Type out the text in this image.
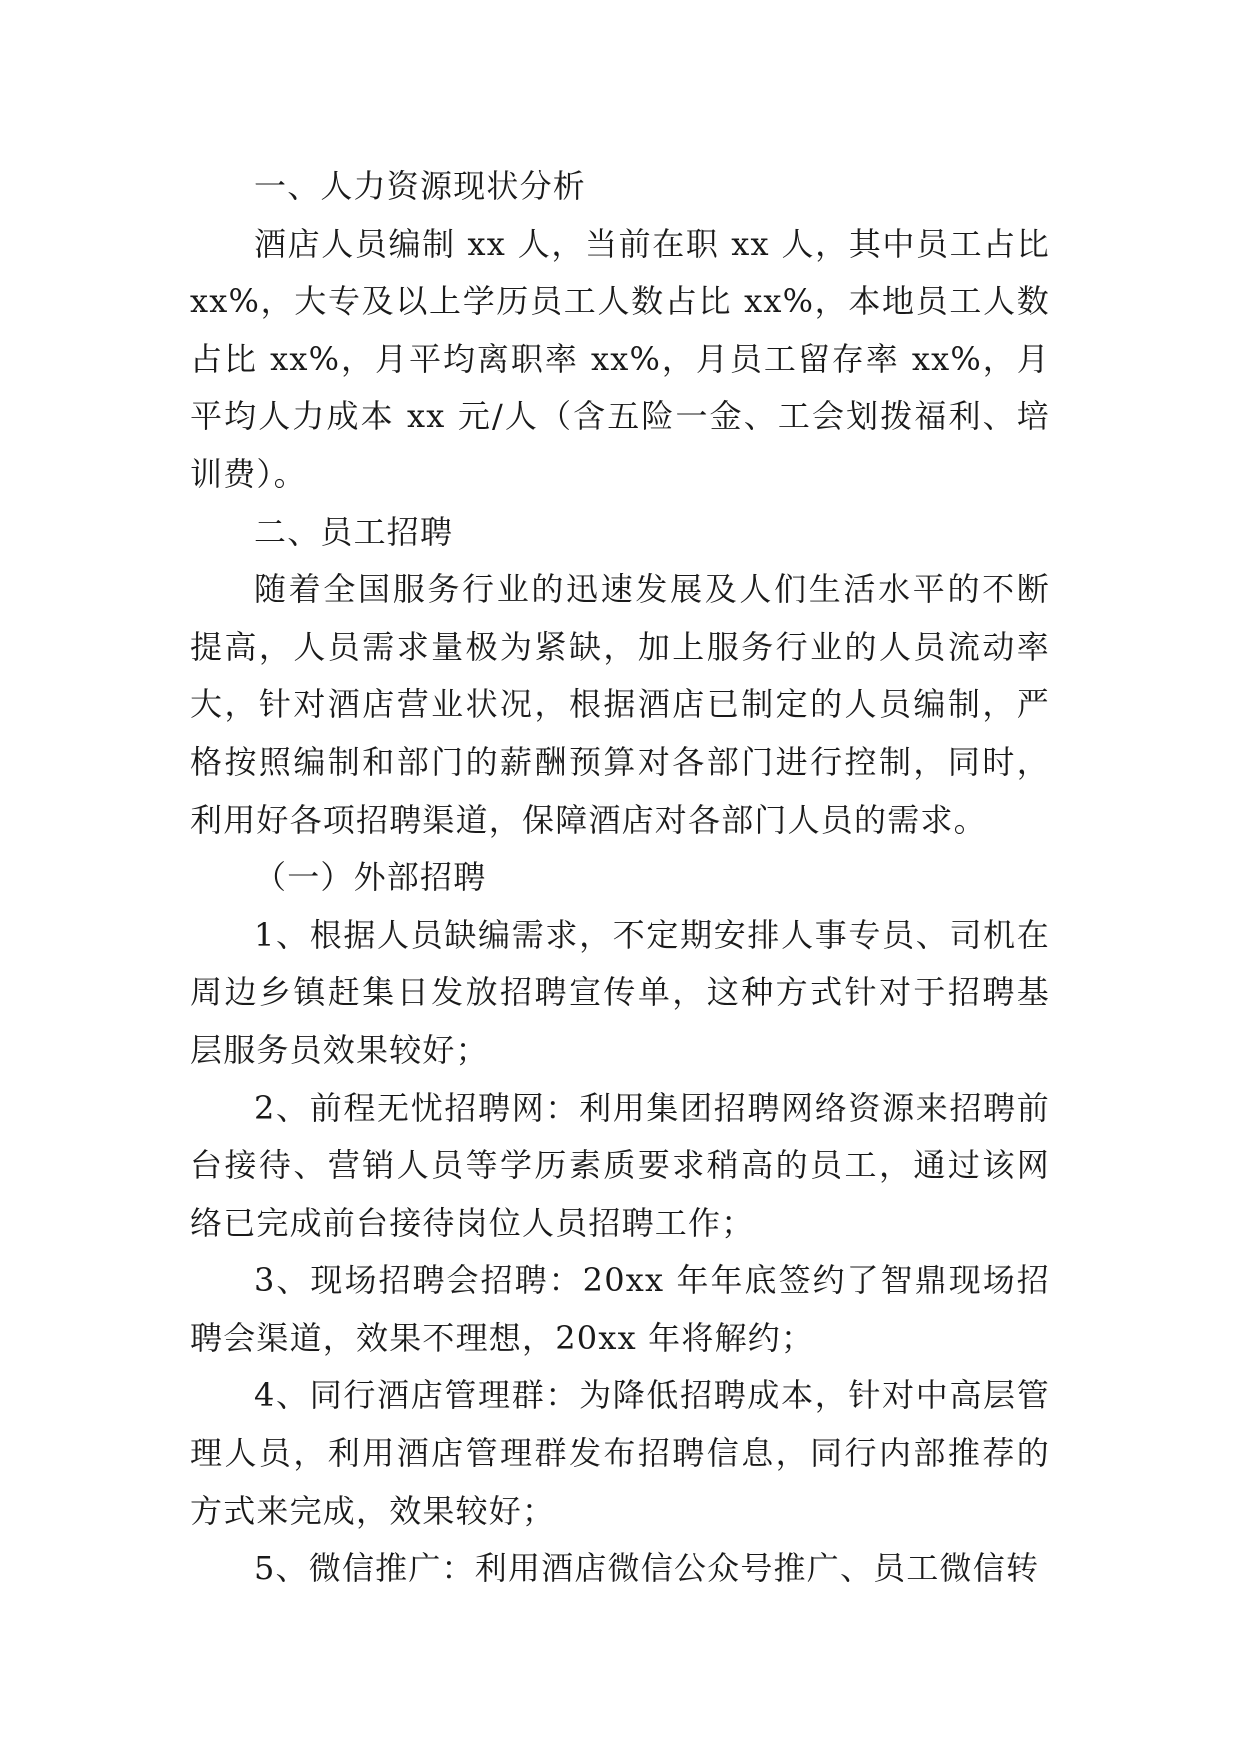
一、人力资源现状分析

酒店人员编制 xx 人，当前在职 xx 人，其中员工占比 xx%，大专及以上学历员工人数占比 xx%，本地员工人数占比 xx%，月平均离职率 xx%，月员工留存率 xx%，月平均人力成本 xx 元/人（含五险一金、工会划拨福利、培训费）。

二、员工招聘

随着全国服务行业的迅速发展及人们生活水平的不断提高，人员需求量极为紧缺，加上服务行业的人员流动率大，针对酒店营业状况，根据酒店已制定的人员编制，严格按照编制和部门的薪酬预算对各部门进行控制，同时，利用好各项招聘渠道，保障酒店对各部门人员的需求。

（一）外部招聘

1、根据人员缺编需求，不定期安排人事专员、司机在周边乡镇赶集日发放招聘宣传单，这种方式针对于招聘基层服务员效果较好；

2、前程无忧招聘网：利用集团招聘网络资源来招聘前台接待、营销人员等学历素质要求稍高的员工，通过该网络已完成前台接待岗位人员招聘工作；

3、现场招聘会招聘：20xx 年年底签约了智鼎现场招聘会渠道，效果不理想，20xx 年将解约；

4、同行酒店管理群：为降低招聘成本，针对中高层管理人员，利用酒店管理群发布招聘信息，同行内部推荐的方式来完成，效果较好；

5、微信推广：利用酒店微信公众号推广、员工微信转
